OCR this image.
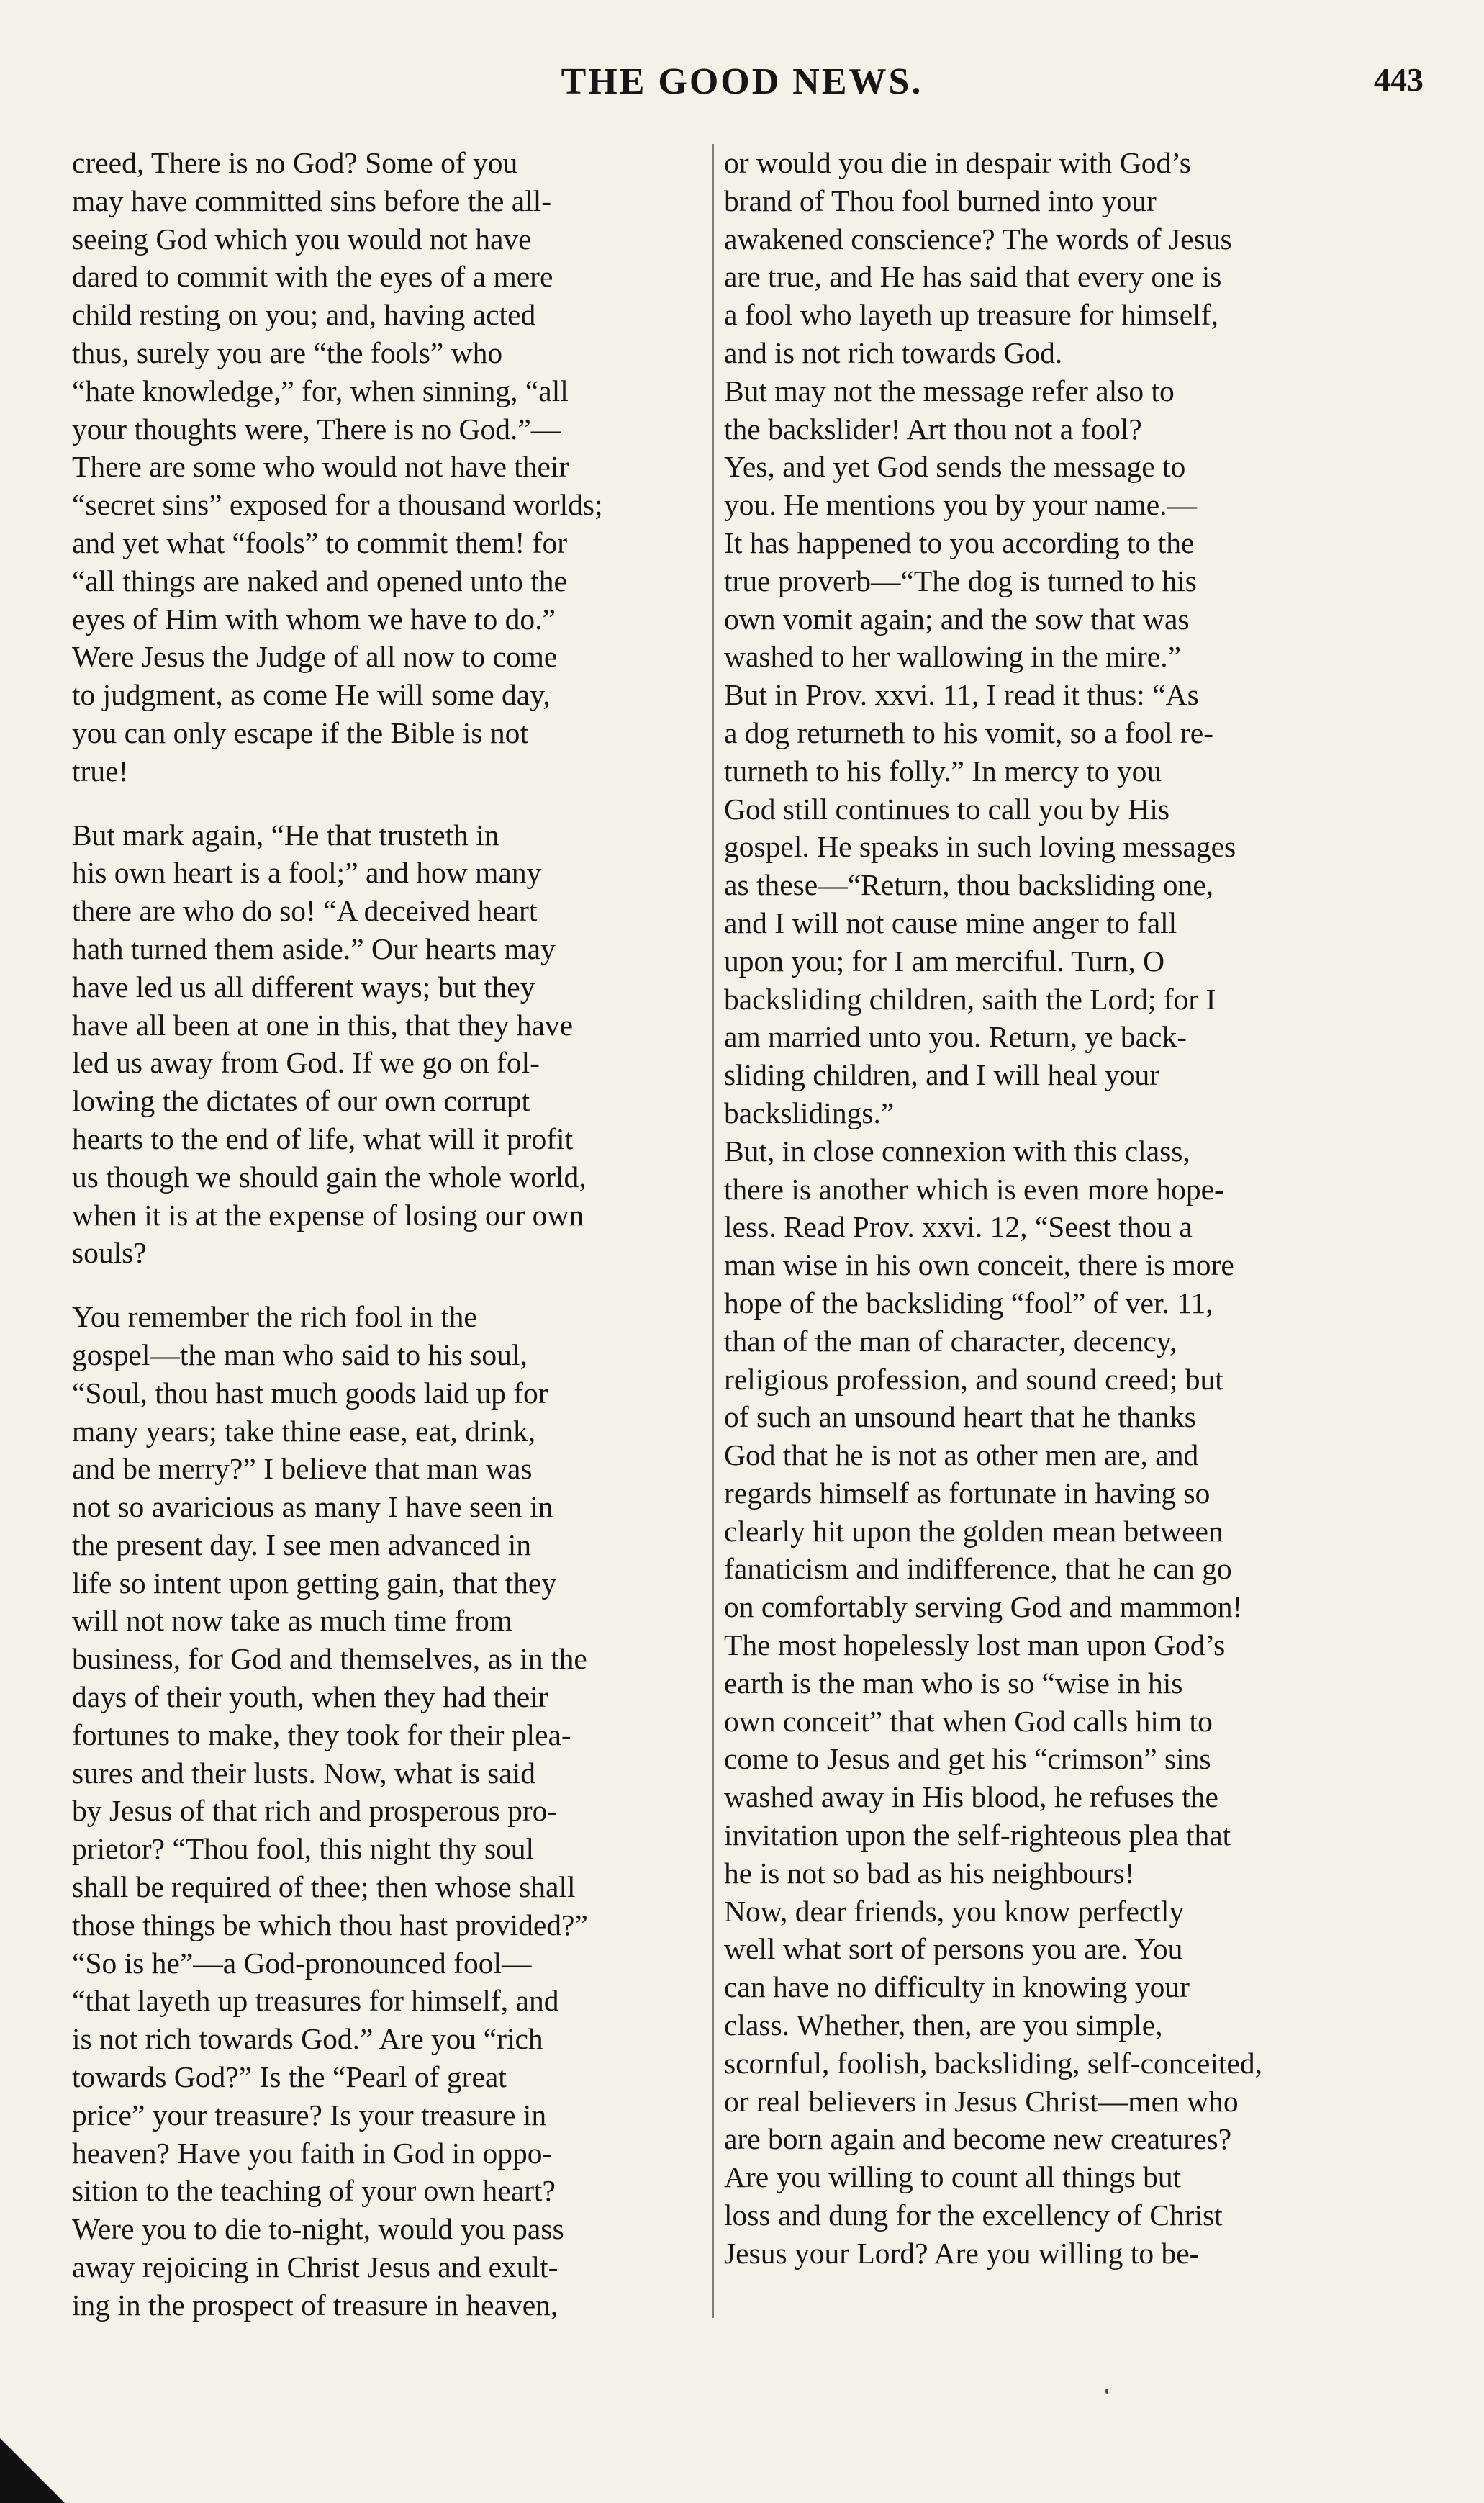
THE GOOD NEWS.	443

creed, There is no God? Some of you
may have committed sins before the all-
seeing God which you would not have
dared to commit with the eyes of a mere
child resting on you; and, having acted
thus, surely you are “the fools” who
“hate knowledge,” for, when sinning, “all
your thoughts were, There is no God.”—
There are some who would not have their
“secret sins” exposed for a thousand worlds;
and yet what “fools” to commit them! for
“all things are naked and opened unto the
eyes of Him with whom we have to do.”
Were Jesus the Judge of all now to come
to judgment, as come He will some day,
you can only escape if the Bible is not
true!

But mark again, “He that trusteth in
his own heart is a fool;” and how many
there are who do so! “A deceived heart
hath turned them aside.” Our hearts may
have led us all different ways; but they
have all been at one in this, that they have
led us away from God. If we go on fol-
lowing the dictates of our own corrupt
hearts to the end of life, what will it profit
us though we should gain the whole world,
when it is at the expense of losing our own
souls?

You remember the rich fool in the
gospel—the man who said to his soul,
“Soul, thou hast much goods laid up for
many years; take thine ease, eat, drink,
and be merry?” I believe that man was
not so avaricious as many I have seen in
the present day. I see men advanced in
life so intent upon getting gain, that they
will not now take as much time from
business, for God and themselves, as in the
days of their youth, when they had their
fortunes to make, they took for their plea-
sures and their lusts. Now, what is said
by Jesus of that rich and prosperous pro-
prietor? “Thou fool, this night thy soul
shall be required of thee; then whose shall
those things be which thou hast provided?”
“So is he”—a God-pronounced fool—
“that layeth up treasures for himself, and
is not rich towards God.” Are you “rich
towards God?” Is the “Pearl of great
price” your treasure? Is your treasure in
heaven? Have you faith in God in oppo-
sition to the teaching of your own heart?
Were you to die to-night, would you pass
away rejoicing in Christ Jesus and exult-
ing in the prospect of treasure in heaven,

or would you die in despair with God’s
brand of Thou fool burned into your
awakened conscience? The words of Jesus
are true, and He has said that every one is
a fool who layeth up treasure for himself,
and is not rich towards God.

But may not the message refer also to
the backslider! Art thou not a fool?
Yes, and yet God sends the message to
you. He mentions you by your name.—
It has happened to you according to the
true proverb—“The dog is turned to his
own vomit again; and the sow that was
washed to her wallowing in the mire.”
But in Prov. xxvi. 11, I read it thus: “As
a dog returneth to his vomit, so a fool re-
turneth to his folly.” In mercy to you
God still continues to call you by His
gospel. He speaks in such loving messages
as these—“Return, thou backsliding one,
and I will not cause mine anger to fall
upon you; for I am merciful. Turn, O
backsliding children, saith the Lord; for I
am married unto you. Return, ye back-
sliding children, and I will heal your
backslidings.”

But, in close connexion with this class,
there is another which is even more hope-
less. Read Prov. xxvi. 12, “Seest thou a
man wise in his own conceit, there is more
hope of the backsliding “fool” of ver. 11,
than of the man of character, decency,
religious profession, and sound creed; but
of such an unsound heart that he thanks
God that he is not as other men are, and
regards himself as fortunate in having so
clearly hit upon the golden mean between
fanaticism and indifference, that he can go
on comfortably serving God and mammon!
The most hopelessly lost man upon God’s
earth is the man who is so “wise in his
own conceit” that when God calls him to
come to Jesus and get his “crimson” sins
washed away in His blood, he refuses the
invitation upon the self-righteous plea that
he is not so bad as his neighbours!

Now, dear friends, you know perfectly
well what sort of persons you are. You
can have no difficulty in knowing your
class. Whether, then, are you simple,
scornful, foolish, backsliding, self-conceited,
or real believers in Jesus Christ—men who
are born again and become new creatures?
Are you willing to count all things but
loss and dung for the excellency of Christ
Jesus your Lord? Are you willing to be-
